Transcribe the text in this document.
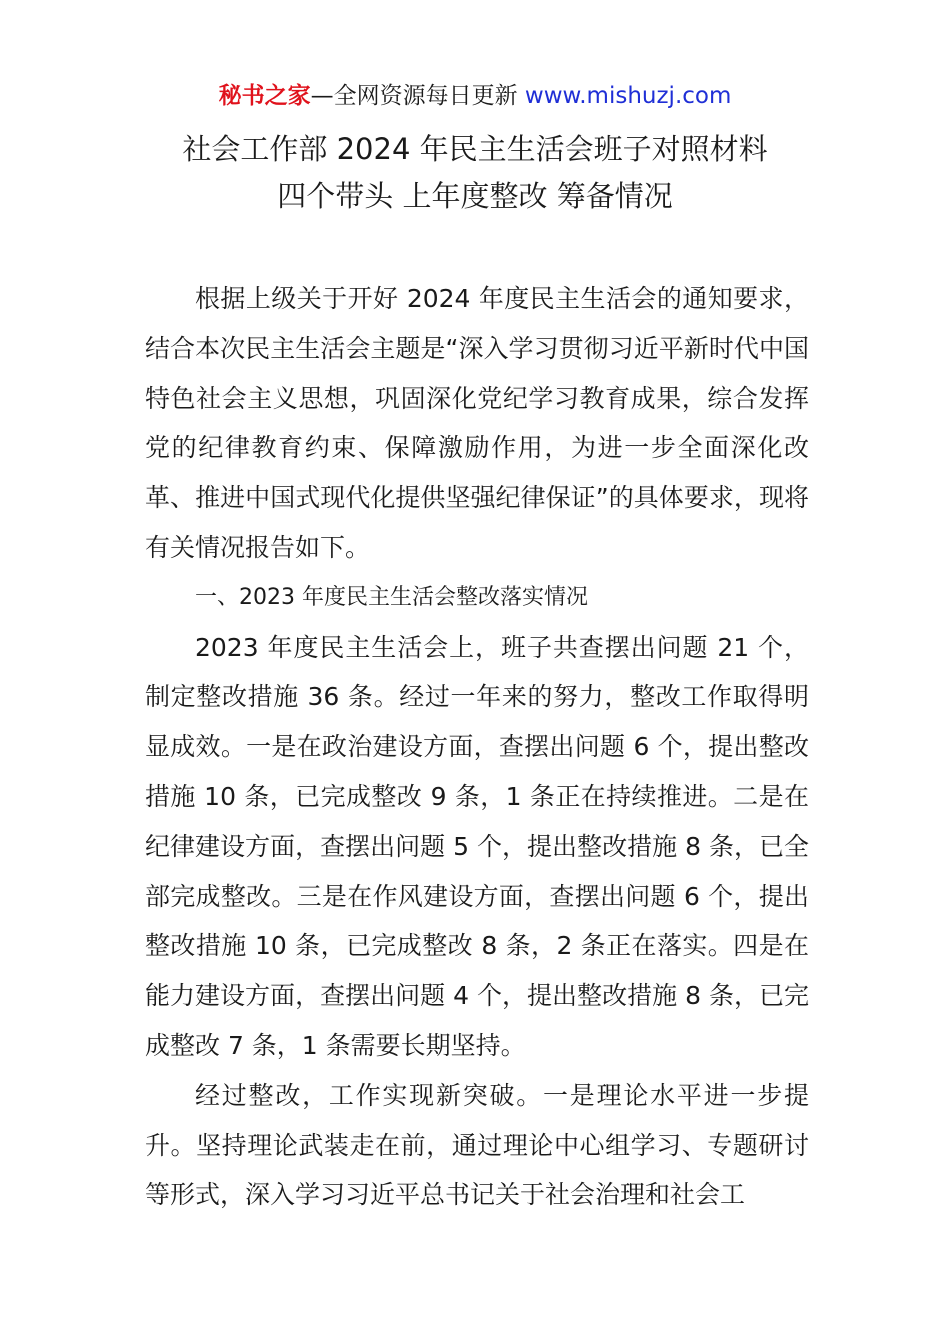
秘书之家—全网资源每日更新 www.mishuzj.com
社会工作部 2024 年民主生活会班子对照材料
四个带头 上年度整改 筹备情况

根据上级关于开好 2024 年度民主生活会的通知要求，结合本次民主生活会主题是“深入学习贯彻习近平新时代中国特色社会主义思想，巩固深化党纪学习教育成果，综合发挥党的纪律教育约束、保障激励作用，为进一步全面深化改革、推进中国式现代化提供坚强纪律保证”的具体要求，现将有关情况报告如下。

一、2023 年度民主生活会整改落实情况

2023 年度民主生活会上，班子共查摆出问题 21 个，制定整改措施 36 条。经过一年来的努力，整改工作取得明显成效。一是在政治建设方面，查摆出问题 6 个，提出整改措施 10 条，已完成整改 9 条，1 条正在持续推进。二是在纪律建设方面，查摆出问题 5 个，提出整改措施 8 条，已全部完成整改。三是在作风建设方面，查摆出问题 6 个，提出整改措施 10 条，已完成整改 8 条，2 条正在落实。四是在能力建设方面，查摆出问题 4 个，提出整改措施 8 条，已完成整改 7 条，1 条需要长期坚持。

经过整改，工作实现新突破。一是理论水平进一步提升。坚持理论武装走在前，通过理论中心组学习、专题研讨等形式，深入学习习近平总书记关于社会治理和社会工
